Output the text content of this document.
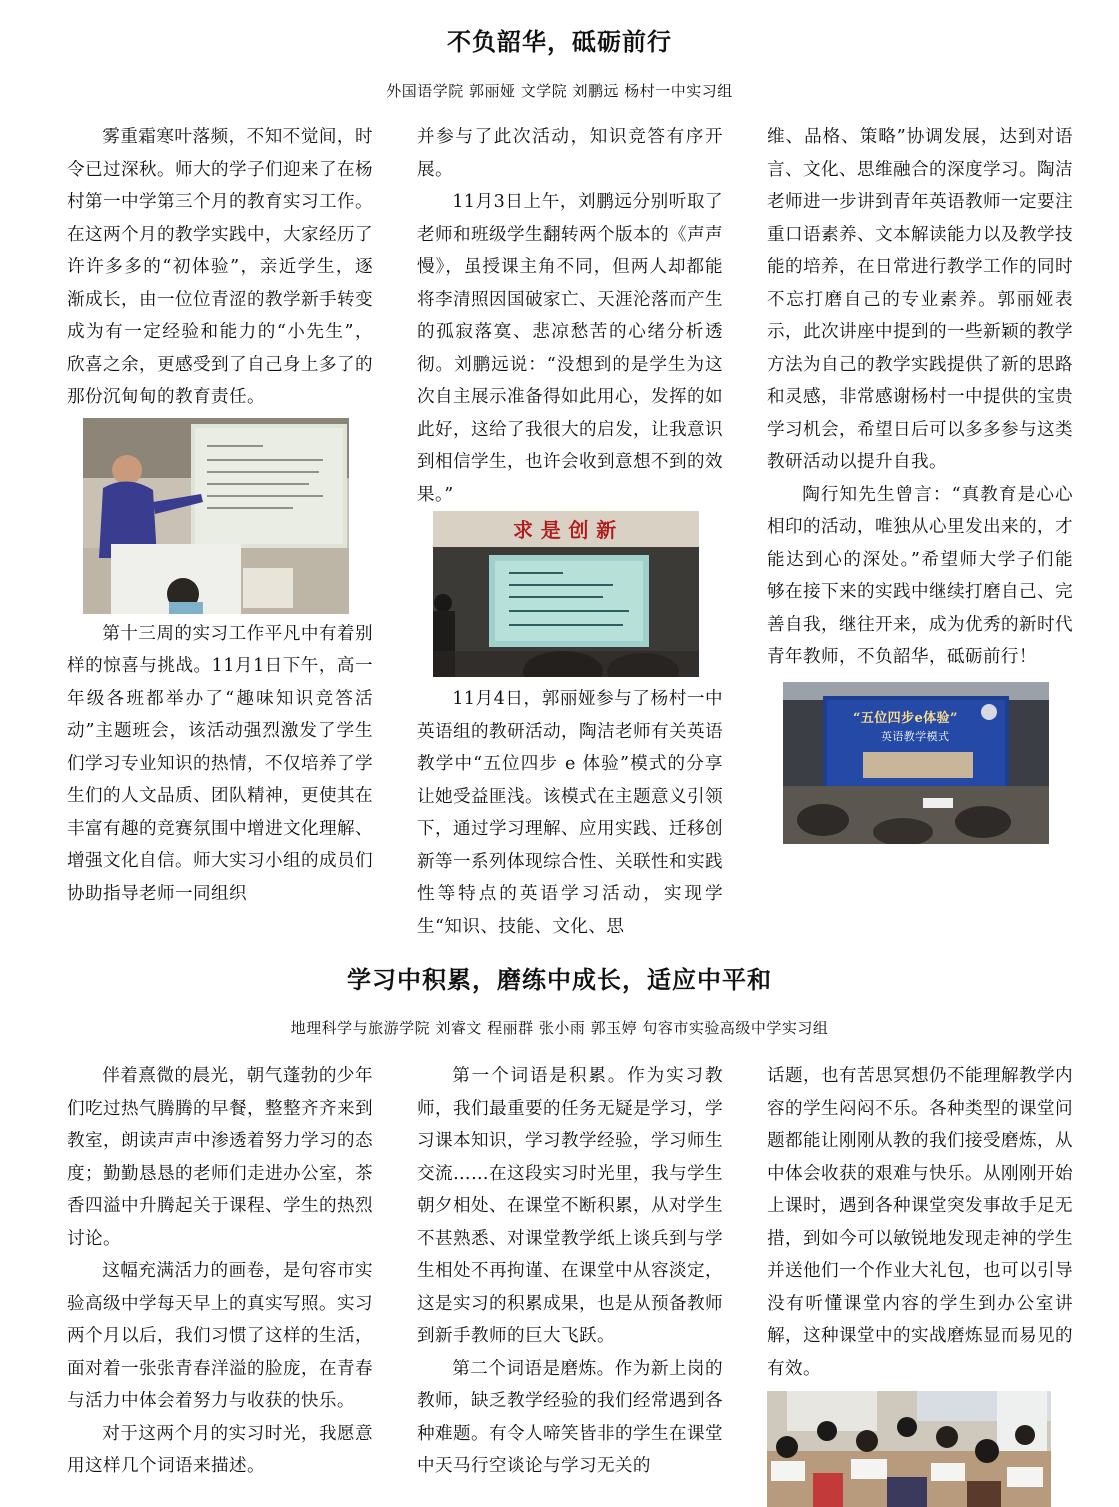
不负韶华，砥砺前行
外国语学院 郭丽娅 文学院 刘鹏远 杨村一中实习组

雾重霜寒叶落频，不知不觉间，时令已过深秋。师大的学子们迎来了在杨村第一中学第三个月的教育实习工作。在这两个月的教学实践中，大家经历了许许多多的“初体验”，亲近学生，逐渐成长，由一位位青涩的教学新手转变成为有一定经验和能力的“小先生”，欣喜之余，更感受到了自己身上多了的那份沉甸甸的教育责任。

第十三周的实习工作平凡中有着别样的惊喜与挑战。11月1日下午，高一年级各班都举办了“趣味知识竞答活动”主题班会，该活动强烈激发了学生们学习专业知识的热情，不仅培养了学生们的人文品质、团队精神，更使其在丰富有趣的竞赛氛围中增进文化理解、增强文化自信。师大实习小组的成员们协助指导老师一同组织

并参与了此次活动，知识竞答有序开展。

11月3日上午，刘鹏远分别听取了老师和班级学生翻转两个版本的《声声慢》，虽授课主角不同，但两人却都能将李清照因国破家亡、天涯沦落而产生的孤寂落寞、悲凉愁苦的心绪分析透彻。刘鹏远说：“没想到的是学生为这次自主展示准备得如此用心，发挥的如此好，这给了我很大的启发，让我意识到相信学生，也许会收到意想不到的效果。”

求 是 创 新

11月4日，郭丽娅参与了杨村一中英语组的教研活动，陶洁老师有关英语教学中“五位四步 e 体验”模式的分享让她受益匪浅。该模式在主题意义引领下，通过学习理解、应用实践、迁移创新等一系列体现综合性、关联性和实践性等特点的英语学习活动，实现学生“知识、技能、文化、思

维、品格、策略”协调发展，达到对语言、文化、思维融合的深度学习。陶洁老师进一步讲到青年英语教师一定要注重口语素养、文本解读能力以及教学技能的培养，在日常进行教学工作的同时不忘打磨自己的专业素养。郭丽娅表示，此次讲座中提到的一些新颖的教学方法为自己的教学实践提供了新的思路和灵感，非常感谢杨村一中提供的宝贵学习机会，希望日后可以多多参与这类教研活动以提升自我。

陶行知先生曾言：“真教育是心心相印的活动，唯独从心里发出来的，才能达到心的深处。”希望师大学子们能够在接下来的实践中继续打磨自己、完善自我，继往开来，成为优秀的新时代青年教师，不负韶华，砥砺前行！

“五位四步e体验”
英语教学模式
学习中积累，磨练中成长，适应中平和
地理科学与旅游学院 刘睿文 程丽群 张小雨 郭玉婷 句容市实验高级中学实习组

伴着熹微的晨光，朝气蓬勃的少年们吃过热气腾腾的早餐，整整齐齐来到教室，朗读声声中渗透着努力学习的态度；勤勤恳恳的老师们走进办公室，茶香四溢中升腾起关于课程、学生的热烈讨论。

这幅充满活力的画卷，是句容市实验高级中学每天早上的真实写照。实习两个月以后，我们习惯了这样的生活，面对着一张张青春洋溢的脸庞，在青春与活力中体会着努力与收获的快乐。

对于这两个月的实习时光，我愿意用这样几个词语来描述。

第一个词语是积累。作为实习教师，我们最重要的任务无疑是学习，学习课本知识，学习教学经验，学习师生交流……在这段实习时光里，我与学生朝夕相处、在课堂不断积累，从对学生不甚熟悉、对课堂教学纸上谈兵到与学生相处不再拘谨、在课堂中从容淡定，这是实习的积累成果，也是从预备教师到新手教师的巨大飞跃。

第二个词语是磨炼。作为新上岗的教师，缺乏教学经验的我们经常遇到各种难题。有令人啼笑皆非的学生在课堂中天马行空谈论与学习无关的

话题，也有苦思冥想仍不能理解教学内容的学生闷闷不乐。各种类型的课堂问题都能让刚刚从教的我们接受磨炼，从中体会收获的艰难与快乐。从刚刚开始上课时，遇到各种课堂突发事故手足无措，到如今可以敏锐地发现走神的学生并送他们一个作业大礼包，也可以引导没有听懂课堂内容的学生到办公室讲解，这种课堂中的实战磨炼显而易见的有效。
